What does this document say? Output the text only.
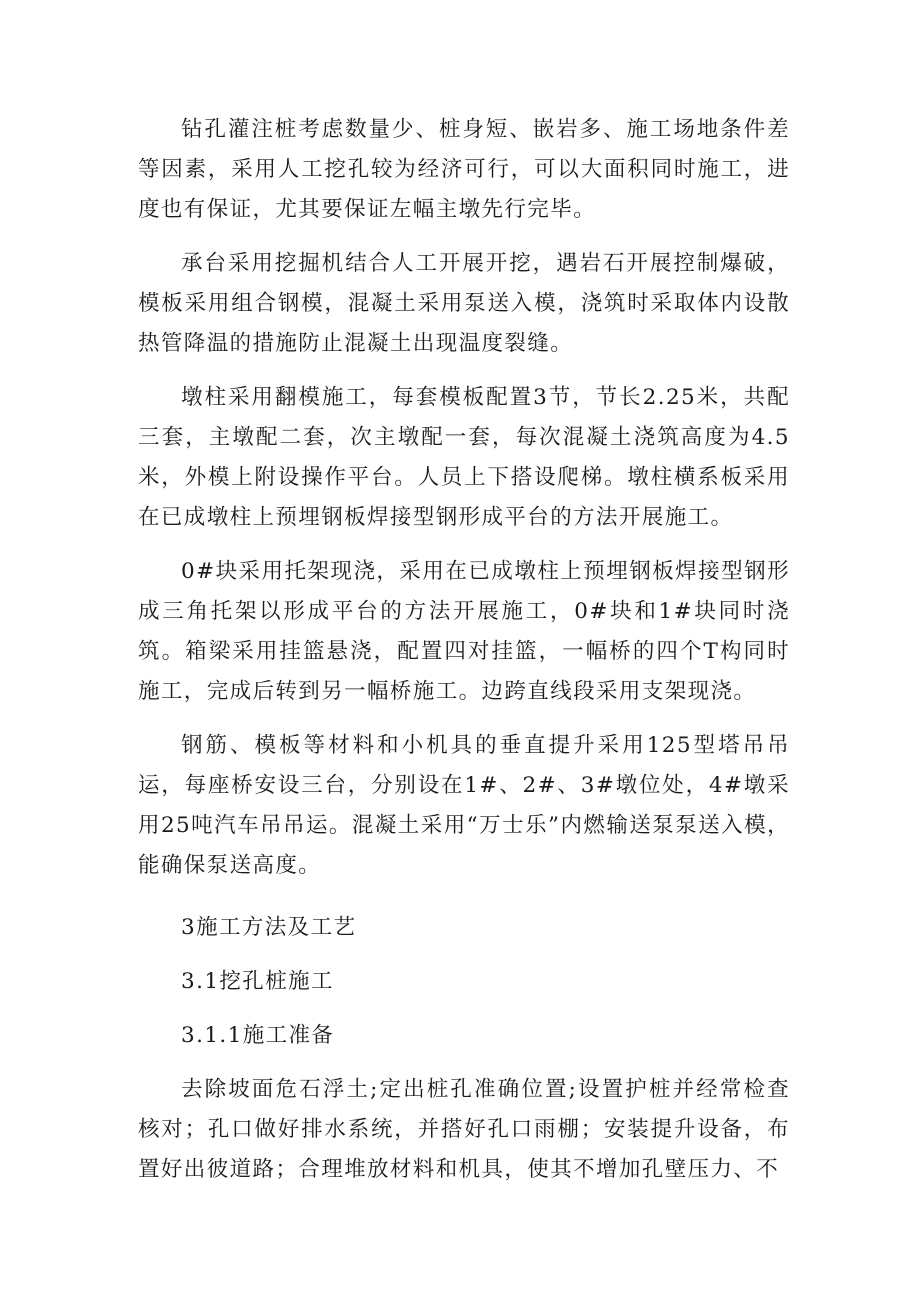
钻孔灌注桩考虑数量少、桩身短、嵌岩多、施工场地条件差等因素，采用人工挖孔较为经济可行，可以大面积同时施工，进度也有保证，尤其要保证左幅主墩先行完毕。

承台采用挖掘机结合人工开展开挖，遇岩石开展控制爆破，模板采用组合钢模，混凝土采用泵送入模，浇筑时采取体内设散热管降温的措施防止混凝土出现温度裂缝。

墩柱采用翻模施工，每套模板配置3节，节长2.25米，共配三套，主墩配二套，次主墩配一套，每次混凝土浇筑高度为4.5米，外模上附设操作平台。人员上下搭设爬梯。墩柱横系板采用在已成墩柱上预埋钢板焊接型钢形成平台的方法开展施工。

0#块采用托架现浇，采用在已成墩柱上预埋钢板焊接型钢形成三角托架以形成平台的方法开展施工，0#块和1#块同时浇筑。箱梁采用挂篮悬浇，配置四对挂篮，一幅桥的四个T构同时施工，完成后转到另一幅桥施工。边跨直线段采用支架现浇。

钢筋、模板等材料和小机具的垂直提升采用125型塔吊吊运，每座桥安设三台，分别设在1#、2#、3#墩位处，4#墩采用25吨汽车吊吊运。混凝土采用“万士乐”内燃输送泵泵送入模，能确保泵送高度。

3施工方法及工艺

3.1挖孔桩施工

3.1.1施工准备

去除坡面危石浮土;定出桩孔准确位置;设置护桩并经常检查核对；孔口做好排水系统，并搭好孔口雨棚；安装提升设备，布置好出彼道路；合理堆放材料和机具，使其不增加孔壁压力、不
